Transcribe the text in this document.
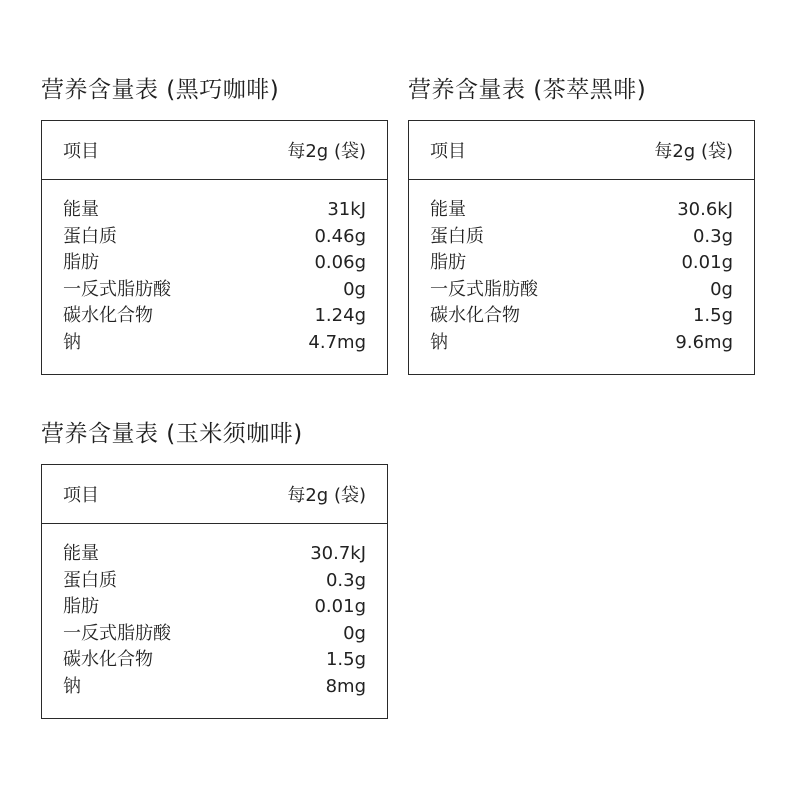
营养含量表 (黑巧咖啡)
项目	每2g (袋)
能量	31kJ
蛋白质	0.46g
脂肪	0.06g
一反式脂肪酸	0g
碳水化合物	1.24g
钠	4.7mg
营养含量表 (茶萃黑啡)
项目	每2g (袋)
能量	30.6kJ
蛋白质	0.3g
脂肪	0.01g
一反式脂肪酸	0g
碳水化合物	1.5g
钠	9.6mg
营养含量表 (玉米须咖啡)
项目	每2g (袋)
能量	30.7kJ
蛋白质	0.3g
脂肪	0.01g
一反式脂肪酸	0g
碳水化合物	1.5g
钠	8mg
